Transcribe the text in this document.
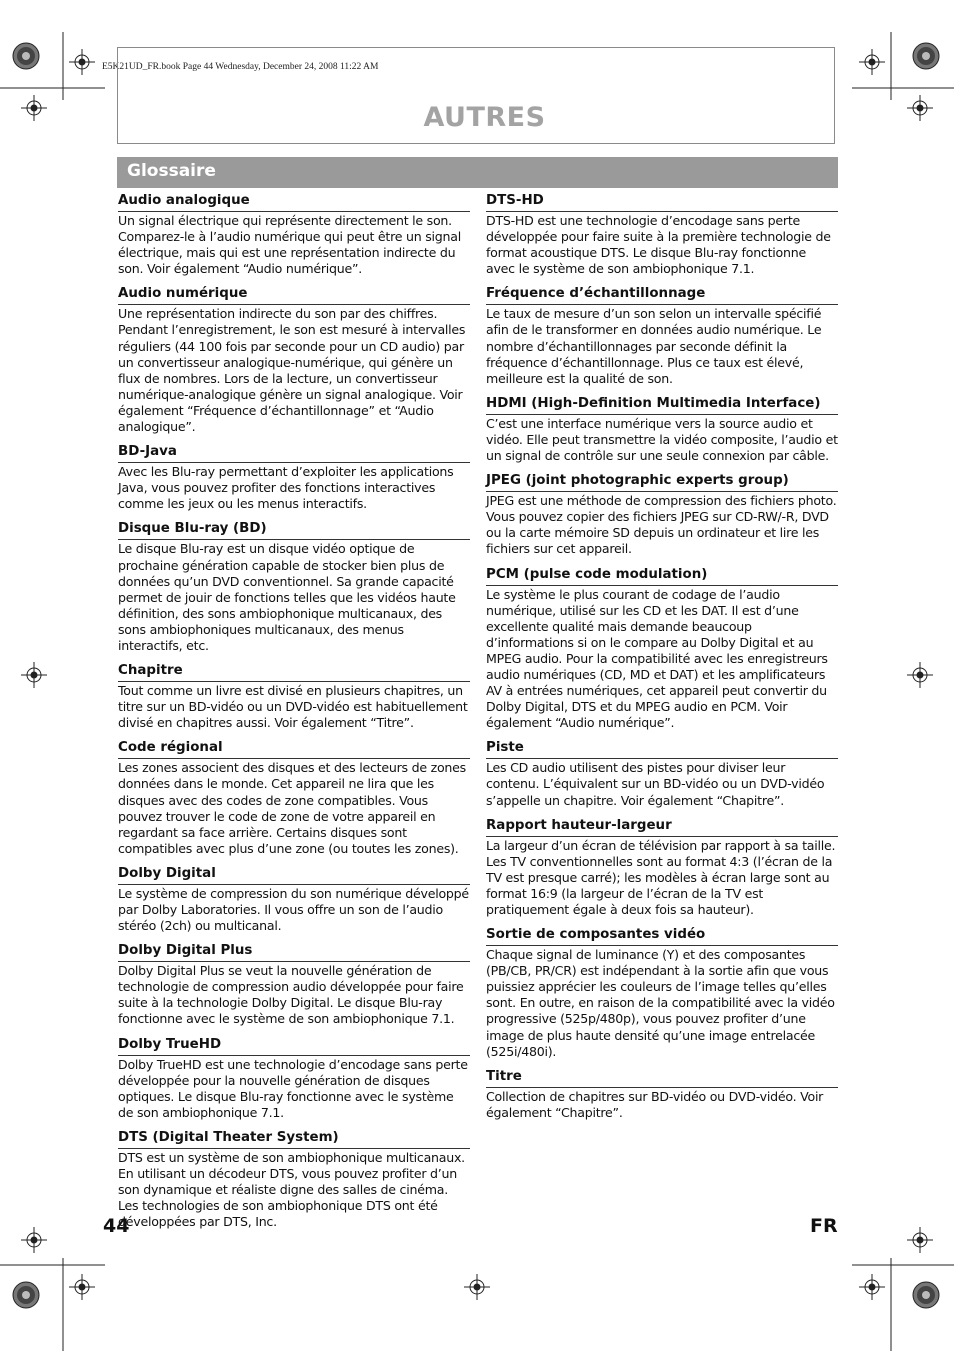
E5K21UD_FR.book Page 44 Wednesday, December 24, 2008 11:22 AM
AUTRES
Glossaire
Audio analogique

Un signal électrique qui représente directement le son. Comparez-le à l’audio numérique qui peut être un signal électrique, mais qui est une représentation indirecte du son. Voir également “Audio numérique”.

Audio numérique

Une représentation indirecte du son par des chiffres. Pendant l’enregistrement, le son est mesuré à intervalles réguliers (44 100 fois par seconde pour un CD audio) par un convertisseur analogique-numérique, qui génère un flux de nombres. Lors de la lecture, un convertisseur numérique-analogique génère un signal analogique. Voir également “Fréquence d’échantillonnage” et “Audio analogique”.

BD-Java

Avec les Blu-ray permettant d’exploiter les applications Java, vous pouvez profiter des fonctions interactives comme les jeux ou les menus interactifs.

Disque Blu-ray (BD)

Le disque Blu-ray est un disque vidéo optique de prochaine génération capable de stocker bien plus de données qu’un DVD conventionnel. Sa grande capacité permet de jouir de fonctions telles que les vidéos haute définition, des sons ambiophonique multicanaux, des sons ambiophoniques multicanaux, des menus interactifs, etc.

Chapitre

Tout comme un livre est divisé en plusieurs chapitres, un titre sur un BD-vidéo ou un DVD-vidéo est habituellement divisé en chapitres aussi. Voir également “Titre”.

Code régional

Les zones associent des disques et des lecteurs de zones données dans le monde. Cet appareil ne lira que les disques avec des codes de zone compatibles. Vous pouvez trouver le code de zone de votre appareil en regardant sa face arrière. Certains disques sont compatibles avec plus d’une zone (ou toutes les zones).

Dolby Digital

Le système de compression du son numérique développé par Dolby Laboratories. Il vous offre un son de l’audio stéréo (2ch) ou multicanal.

Dolby Digital Plus

Dolby Digital Plus se veut la nouvelle génération de technologie de compression audio développée pour faire suite à la technologie Dolby Digital. Le disque Blu-ray fonctionne avec le système de son ambiophonique 7.1.

Dolby TrueHD

Dolby TrueHD est une technologie d’encodage sans perte développée pour la nouvelle génération de disques optiques. Le disque Blu-ray fonctionne avec le système de son ambiophonique 7.1.

DTS (Digital Theater System)

DTS est un système de son ambiophonique multicanaux. En utilisant un décodeur DTS, vous pouvez profiter d’un son dynamique et réaliste digne des salles de cinéma. Les technologies de son ambiophonique DTS ont été développées par DTS, Inc.

DTS-HD

DTS-HD est une technologie d’encodage sans perte développée pour faire suite à la première technologie de format acoustique DTS. Le disque Blu-ray fonctionne avec le système de son ambiophonique 7.1.

Fréquence d’échantillonnage

Le taux de mesure d’un son selon un intervalle spécifié afin de le transformer en données audio numérique. Le nombre d’échantillonnages par seconde définit la fréquence d’échantillonnage. Plus ce taux est élevé, meilleure est la qualité de son.

HDMI (High-Definition Multimedia Interface)

C’est une interface numérique vers la source audio et vidéo. Elle peut transmettre la vidéo composite, l’audio et un signal de contrôle sur une seule connexion par câble.

JPEG (joint photographic experts group)

JPEG est une méthode de compression des fichiers photo. Vous pouvez copier des fichiers JPEG sur CD-RW/-R, DVD ou la carte mémoire SD depuis un ordinateur et lire les fichiers sur cet appareil.

PCM (pulse code modulation)

Le système le plus courant de codage de l’audio numérique, utilisé sur les CD et les DAT. Il est d’une excellente qualité mais demande beaucoup d’informations si on le compare au Dolby Digital et au MPEG audio. Pour la compatibilité avec les enregistreurs audio numériques (CD, MD et DAT) et les amplificateurs AV à entrées numériques, cet appareil peut convertir du Dolby Digital, DTS et du MPEG audio en PCM. Voir également “Audio numérique”.

Piste

Les CD audio utilisent des pistes pour diviser leur contenu. L’équivalent sur un BD-vidéo ou un DVD-vidéo s’appelle un chapitre. Voir également “Chapitre”.

Rapport hauteur-largeur

La largeur d’un écran de télévision par rapport à sa taille. Les TV conventionnelles sont au format 4:3 (l’écran de la TV est presque carré); les modèles à écran large sont au format 16:9 (la largeur de l’écran de la TV est pratiquement égale à deux fois sa hauteur).

Sortie de composantes vidéo

Chaque signal de luminance (Y) et des composantes (PB/CB, PR/CR) est indépendant à la sortie afin que vous puissiez apprécier les couleurs de l’image telles qu’elles sont. En outre, en raison de la compatibilité avec la vidéo progressive (525p/480p), vous pouvez profiter d’une image de plus haute densité qu’une image entrelacée (525i/480i).

Titre

Collection de chapitres sur BD-vidéo ou DVD-vidéo. Voir également “Chapitre”.

44	FR
